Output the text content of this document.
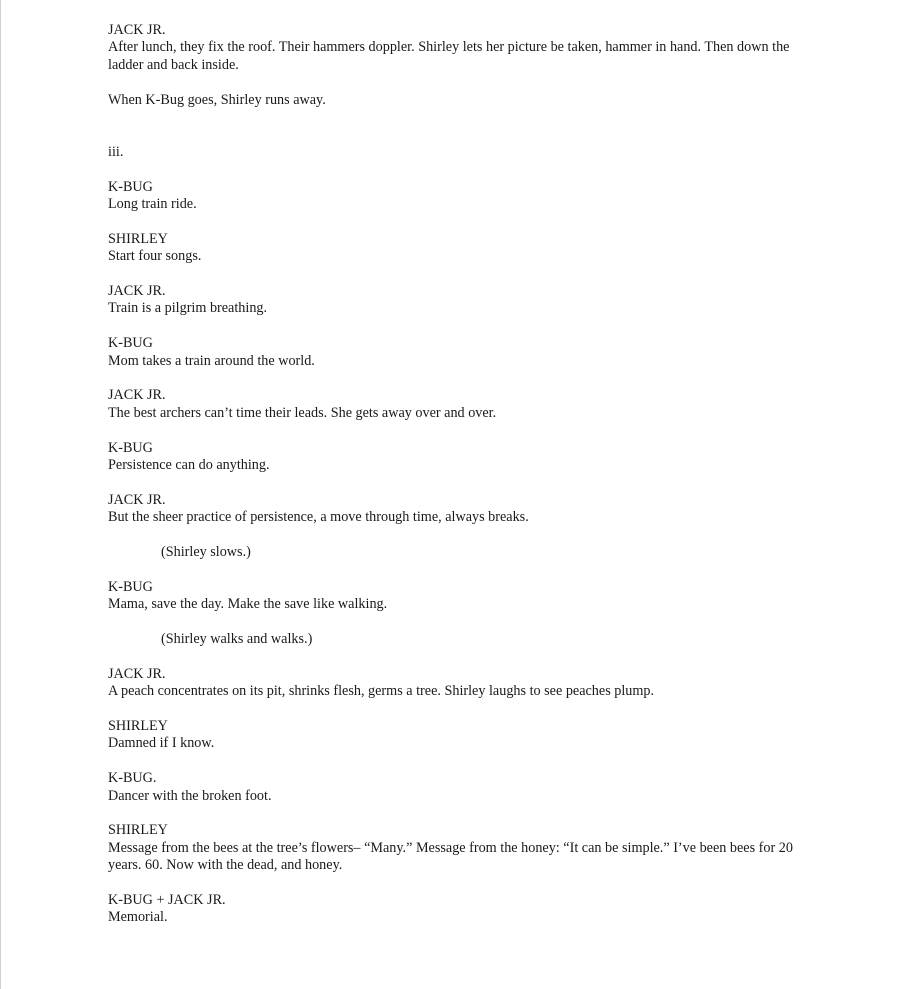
JACK JR.

After lunch, they fix the roof. Their hammers doppler. Shirley lets her picture be taken, hammer in hand. Then down the ladder and back inside.

When K-Bug goes, Shirley runs away.

iii.

K-BUG

Long train ride.

SHIRLEY

Start four songs.

JACK JR.

Train is a pilgrim breathing.

K-BUG

Mom takes a train around the world.

JACK JR.

The best archers can’t time their leads. She gets away over and over.

K-BUG

Persistence can do anything.

JACK JR.

But the sheer practice of persistence, a move through time, always breaks.

(Shirley slows.)

K-BUG

Mama, save the day. Make the save like walking.

(Shirley walks and walks.)

JACK JR.

A peach concentrates on its pit, shrinks flesh, germs a tree. Shirley laughs to see peaches plump.

SHIRLEY

Damned if I know.

K-BUG.

Dancer with the broken foot.

SHIRLEY

Message from the bees at the tree’s flowers– “Many.” Message from the honey: “It can be simple.” I’ve been bees for 20 years. 60. Now with the dead, and honey.

K-BUG + JACK JR.

Memorial.
